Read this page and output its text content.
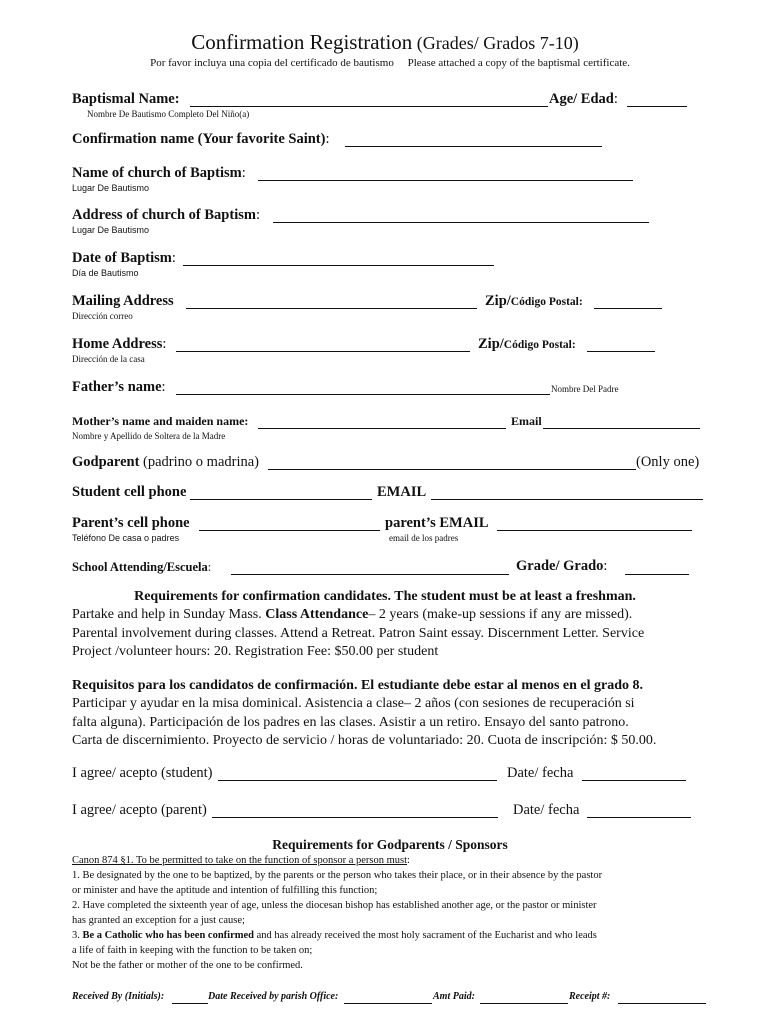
Confirmation Registration (Grades/ Grados 7-10)
Por favor incluya una copia del certificado de bautismo     Please attached a copy of the baptismal certificate.
Baptismal Name:	Age/ Edad:
Nombre De Bautismo Completo Del Niño(a)
Confirmation name (Your favorite Saint):
Name of church of Baptism:
Lugar De Bautismo
Address of church of Baptism:
Lugar De Bautismo
Date of Baptism:
Día de Bautismo
Mailing Address	Zip/Código Postal:
Dirección correo
Home Address:	Zip/Código Postal:
Dirección de la casa
Father’s name:	Nombre Del Padre
Mother’s name and maiden name:	Email
Nombre y Apellido de Soltera de la Madre
Godparent (padrino o madrina)	(Only one)
Student cell phone	EMAIL
Parent’s cell phone	parent’s EMAIL
Teléfono De casa o padres	email de los padres
School Attending/Escuela:	Grade/ Grado:
Requirements for confirmation candidates. The student must be at least a freshman.
Partake and help in Sunday Mass. Class Attendance– 2 years (make-up sessions if any are missed).
Parental involvement during classes. Attend a Retreat. Patron Saint essay. Discernment Letter. Service
Project /volunteer hours: 20. Registration Fee: $50.00 per student
Requisitos para los candidatos de confirmación. El estudiante debe estar al menos en el grado 8.
Participar y ayudar en la misa dominical. Asistencia a clase– 2 años (con sesiones de recuperación si
falta alguna). Participación de los padres en las clases. Asistir a un retiro. Ensayo del santo patrono.
Carta de discernimiento. Proyecto de servicio / horas de voluntariado: 20. Cuota de inscripción: $ 50.00.
I agree/ acepto (student)	Date/ fecha
I agree/ acepto (parent)	Date/ fecha
Requirements for Godparents / Sponsors
Canon 874 §1. To be permitted to take on the function of sponsor a person must:
1. Be designated by the one to be baptized, by the parents or the person who takes their place, or in their absence by the pastor
or minister and have the aptitude and intention of fulfilling this function;
2. Have completed the sixteenth year of age, unless the diocesan bishop has established another age, or the pastor or minister
has granted an exception for a just cause;
3. Be a Catholic who has been confirmed and has already received the most holy sacrament of the Eucharist and who leads
a life of faith in keeping with the function to be taken on;
Not be the father or mother of the one to be confirmed.
Received By (Initials):	Date Received by parish Office:	Amt Paid:	Receipt #:
